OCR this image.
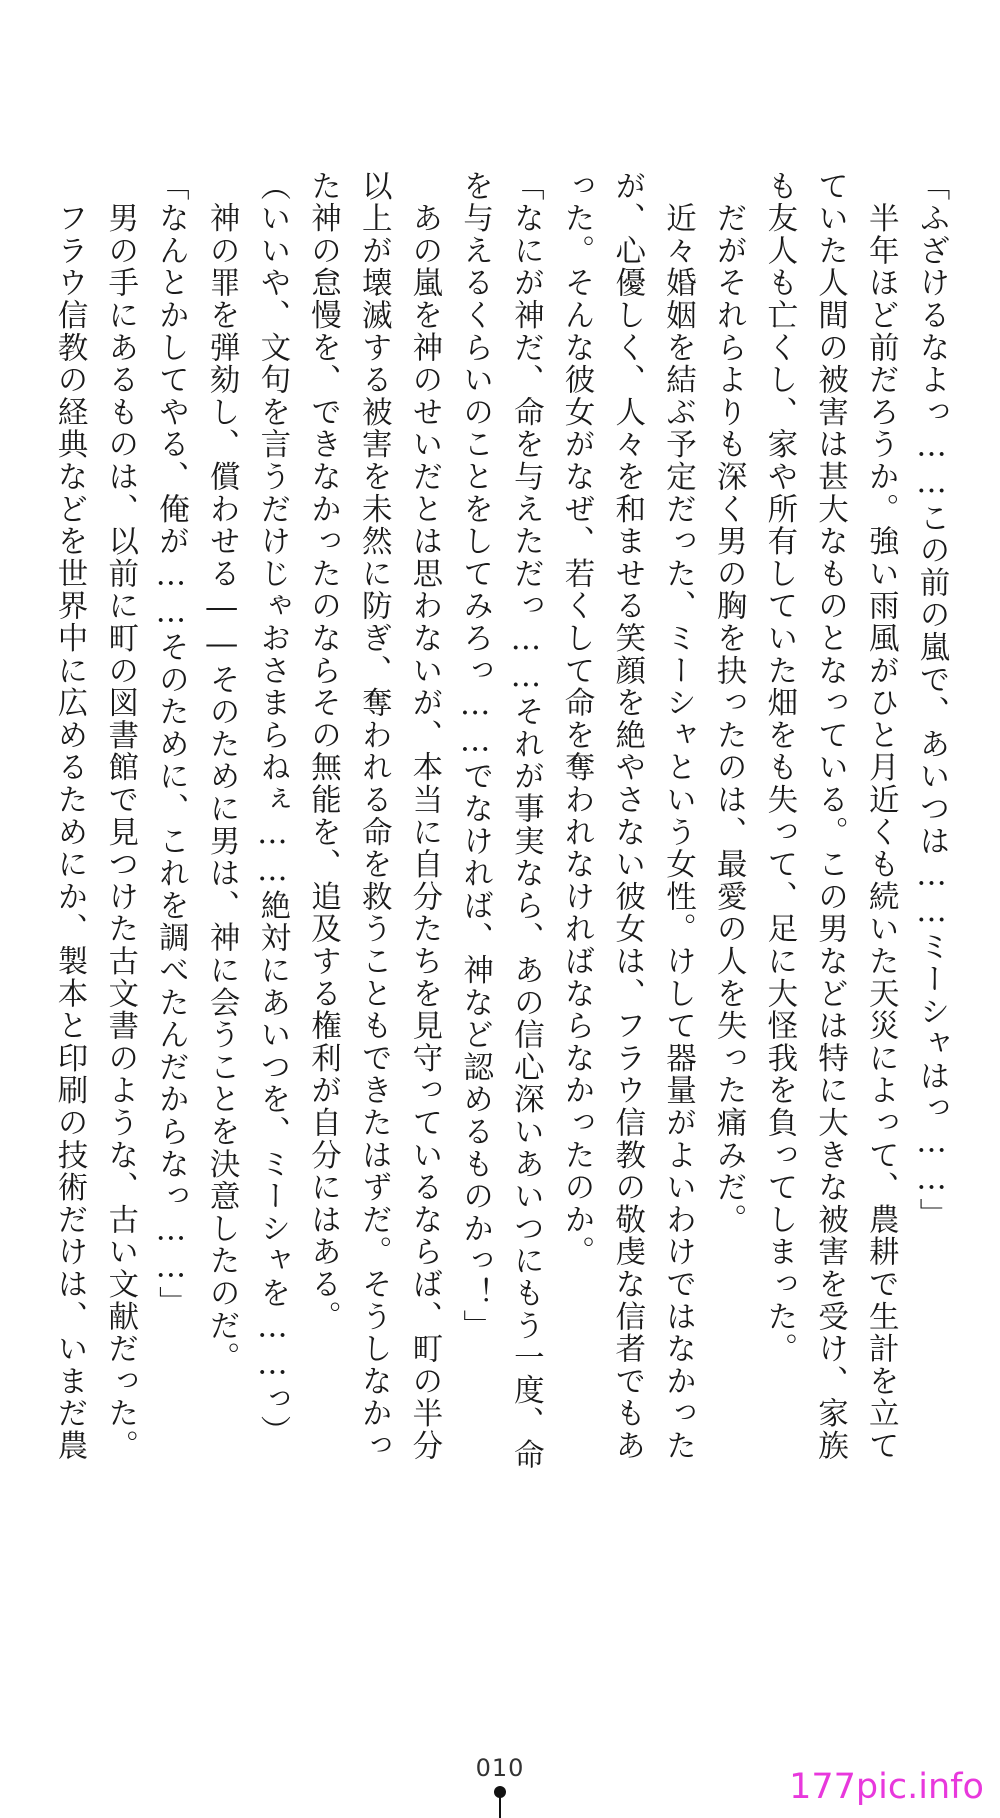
「ふざけるなよっ……この前の嵐で、あいつは……ミーシャはっ……」
　半年ほど前だろうか。強い雨風がひと月近くも続いた天災によって、農耕で生計を立て
ていた人間の被害は甚大なものとなっている。この男などは特に大きな被害を受け、家族
も友人も亡くし、家や所有していた畑をも失って、足に大怪我を負ってしまった。
　だがそれらよりも深く男の胸を抉ったのは、最愛の人を失った痛みだ。
　近々婚姻を結ぶ予定だった、ミーシャという女性。けして器量がよいわけではなかった
が、心優しく、人々を和ませる笑顔を絶やさない彼女は、フラウ信教の敬虔な信者でもあ
った。そんな彼女がなぜ、若くして命を奪われなければならなかったのか。
「なにが神だ、命を与えただっ……それが事実なら、あの信心深いあいつにもう一度、命
を与えるくらいのことをしてみろっ……でなければ、神など認めるものかっ！」
　あの嵐を神のせいだとは思わないが、本当に自分たちを見守っているならば、町の半分
以上が壊滅する被害を未然に防ぎ、奪われる命を救うこともできたはずだ。そうしなかっ
た神の怠慢を、できなかったのならその無能を、追及する権利が自分にはある。
（いいや、文句を言うだけじゃおさまらねぇ……絶対にあいつを、ミーシャを……っ）
　神の罪を弾劾し、償わせる――そのために男は、神に会うことを決意したのだ。
「なんとかしてやる、俺が……そのために、これを調べたんだからなっ……」
　男の手にあるものは、以前に町の図書館で見つけた古文書のような、古い文献だった。
　フラウ信教の経典などを世界中に広めるためにか、製本と印刷の技術だけは、いまだ農
010	177pic.info
